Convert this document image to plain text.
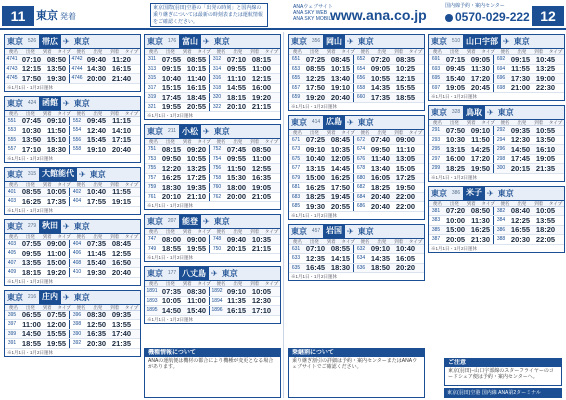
11 東京 発着
東京国際(羽田)空港の「出発の時刻」と国内線の乗り継ぎについては最新の時刻表または運航情報をご確認ください。
ANAウェブサイト
ANA SKY WEB
ANA SKY MOBILE
www.ana.co.jp
国内線予約・案内センター
0570-029-222 12
東京 526 帯広 ✈ 東京
便名	出発	到着	タイプ	便名	出発	到着	タイプ
4741 07:10 08:50	4742 09:40 11:20
4743 12:15 13:50	4744 14:30 16:15
4745 17:50 19:30	4746 20:00 21:40
※1月1日・1月2日運休
東京 424 函館 ✈ 東京
便名	出発	到着	タイプ	便名	出発	到着	タイプ
551 07:45 09:10	552 09:45 11:15
553 10:30 11:50	554 12:40 14:10
555 13:50 15:10	556 15:45 17:15
557 17:10 18:30	558 19:10 20:40
※1月1日・1月2日運休
東京 315 大館能代 ✈ 東京
便名	出発	到着	タイプ	便名	出発	到着	タイプ
401 08:55 10:05	402 10:40 11:55
403 16:25 17:35	404 17:55 19:15
※1月1日・1月2日運休
東京 279 秋田 ✈ 東京
便名	出発	到着	タイプ	便名	出発	到着	タイプ
403 07:55 09:00	404 07:35 08:45
405 09:55 11:00	406 11:45 12:55
407 13:55 15:00	408 15:40 16:50
409 18:15 19:20	410 19:30 20:40
※1月1日・1月2日運休
東京 216 庄内 ✈ 東京
便名	出発	到着	タイプ	便名	出発	到着	タイプ
395 06:55 07:55	396 08:30 09:35
397 11:00 12:00	398 12:50 13:55
399 14:50 15:55	390 16:35 17:40
391 18:55 19:55	392 20:30 21:35
※1月1日・1月2日運休
東京 176 富山 ✈ 東京
便名	出発	到着	タイプ	便名	出発	到着	タイプ
311 07:55 08:55	312 07:10 08:15
313 09:15 10:15	314 09:55 11:00
315 10:40 11:40	316 11:10 12:15
317 15:15 16:15	318 14:55 16:00
319 17:45 18:45	320 18:15 19:20
321 19:55 20:55	322 20:10 21:15
※1月1日・1月2日運休
東京	211 小松 ✈ 東京
便名	出発	到着	タイプ	便名	出発	到着	タイプ
751 08:15 09:20	752 07:45 08:50
753 09:50 10:55	754 09:55 11:00
755 12:20 13:25	756 11:50 12:55
757 16:25 17:25	758 15:30 16:35
759 18:30 19:35	760 18:00 19:05
761 20:10 21:10	762 20:00 21:05
※1月1日・1月2日運休
東京 207 能登 ✈ 東京
便名	出発	到着	タイプ	便名	出発	到着	タイプ
747 08:00 09:00	748 09:40 10:35
749 18:55 19:55	750 20:15 21:15
※1月1日・1月2日運休
東京 177 八丈島 ✈ 東京
便名	出発	到着	タイプ	便名	出発	到着	タイプ
1891 07:35 08:30	1892 09:10 10:05
1893 10:05 11:00	1894 11:35 12:30
1895 14:50 15:40	1896 16:15 17:10
※1月1日・1月2日運休
東京 356 岡山 ✈ 東京
便名	出発	到着	タイプ	便名	出発	到着	タイプ
651 07:25 08:45	652 07:20 08:35
653 08:55 10:15	654 09:05 10:25
655 12:25 13:40	656 10:55 12:15
657 17:50 19:10	658 14:35 15:55
659 19:20 20:40	660 17:35 18:55
※1月1日・1月2日運休
東京 414 広島 ✈ 東京
便名	出発	到着	タイプ	便名	出発	到着	タイプ
671 07:25 08:45	672 07:40 09:00
673 09:10 10:35	674 09:50 11:10
675 10:40 12:05	676 11:40 13:05
677 13:15 14:45	678 13:40 15:05
679 15:00 16:25	680 16:05 17:25
681 16:25 17:50	682 18:25 19:50
683 18:25 19:45	684 20:40 22:00
685 19:30 20:55	686 20:40 22:00
※1月1日・1月2日運休
東京 457 岩国 ✈ 東京
便名	出発	到着	タイプ	便名	出発	到着	タイプ
631 07:10 08:55	632 09:10 10:40
633 12:35 14:15	634 14:35 16:05
635 16:45 18:30	636 18:50 20:20
※1月1日・1月2日運休
東京 510 山口宇部 ✈ 東京
便名	出発	到着	タイプ	便名	出発	到着	タイプ
691 07:15 09:05	692 09:15 10:45
693 09:45 11:30	694 11:55 13:25
695 15:40 17:20	696 17:30 19:00
697 19:05 20:45	698 21:00 22:30
※1月1日・1月2日運休
東京 328 鳥取 ✈ 東京
便名	出発	到着	タイプ	便名	出発	到着	タイプ
291 07:50 09:10	292 09:35 10:55
293 10:30 11:50	294 12:30 13:50
295 13:15 14:25	296 14:50 16:10
297 16:00 17:20	298 17:45 19:05
299 18:25 19:50	300 20:15 21:35
※1月1日・1月2日運休
東京 386 米子 ✈ 東京
便名	出発	到着	タイプ	便名	出発	到着	タイプ
381 07:20 08:50	382 08:40 10:05
383 10:00 11:30	384 12:25 13:55
385 15:00 16:25	386 16:55 18:20
387 20:05 21:30	388 20:30 22:05
※1月1日・1月2日運休
機種情報について

ANAの運航便は機材の都合により機種が変更となる場合があります。

乗継割について

乗り継ぎ割引の詳細は予約・案内センターまたはANAウェブサイトでご確認ください。

ご注意

東京(羽田)−山口宇部線のスターフライヤーのコードシェア便は予約・案内センターへ。

東京(羽田)空港 国内線 ANA第2ターミナル
